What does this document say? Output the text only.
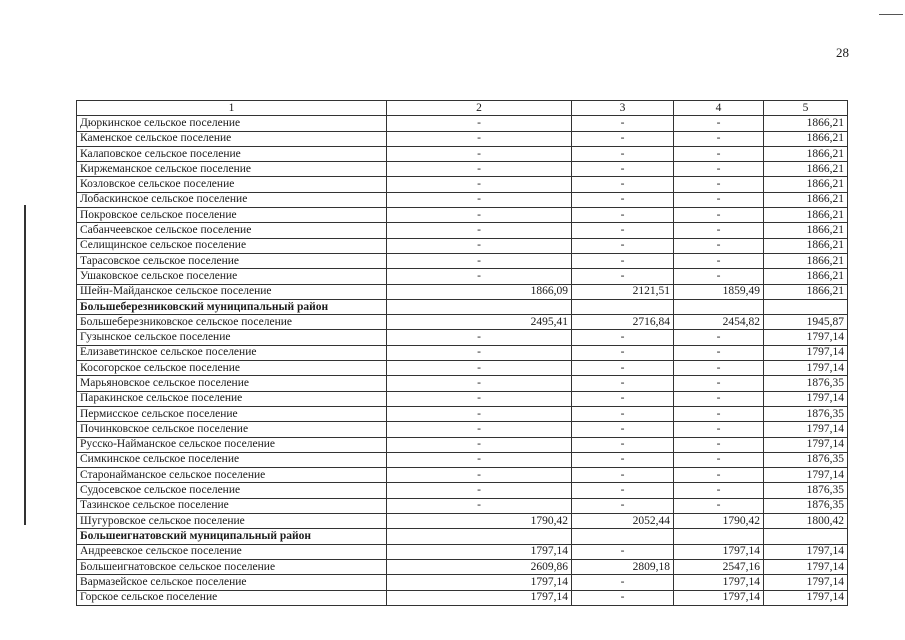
28
1	2	3	4	5
Дюркинское сельское поселение	-	-	-	1866,21
Каменское сельское поселение	-	-	-	1866,21
Калаповское сельское поселение	-	-	-	1866,21
Киржеманское сельское поселение	-	-	-	1866,21
Козловское сельское поселение	-	-	-	1866,21
Лобаскинское сельское поселение	-	-	-	1866,21
Покровское сельское поселение	-	-	-	1866,21
Сабанчеевское сельское поселение	-	-	-	1866,21
Селищинское сельское поселение	-	-	-	1866,21
Тарасовское сельское поселение	-	-	-	1866,21
Ушаковское сельское поселение	-	-	-	1866,21
Шейн-Майданское сельское поселение	1866,09	2121,51	1859,49	1866,21
Большеберезниковский муниципальный район				
Большеберезниковское сельское поселение	2495,41	2716,84	2454,82	1945,87
Гузынское сельское поселение	-	-	-	1797,14
Елизаветинское сельское поселение	-	-	-	1797,14
Косогорское сельское поселение	-	-	-	1797,14
Марьяновское сельское поселение	-	-	-	1876,35
Паракинское сельское поселение	-	-	-	1797,14
Пермисское сельское поселение	-	-	-	1876,35
Починковское сельское поселение	-	-	-	1797,14
Русско-Найманское сельское поселение	-	-	-	1797,14
Симкинское сельское поселение	-	-	-	1876,35
Старонайманское сельское поселение	-	-	-	1797,14
Судосевское сельское поселение	-	-	-	1876,35
Тазинское сельское поселение	-	-	-	1876,35
Шугуровское сельское поселение	1790,42	2052,44	1790,42	1800,42
Большеигнатовский муниципальный район				
Андреевское сельское поселение	1797,14	-	1797,14	1797,14
Большеигнатовское сельское поселение	2609,86	2809,18	2547,16	1797,14
Вармазейское сельское поселение	1797,14	-	1797,14	1797,14
Горское сельское поселение	1797,14	-	1797,14	1797,14
